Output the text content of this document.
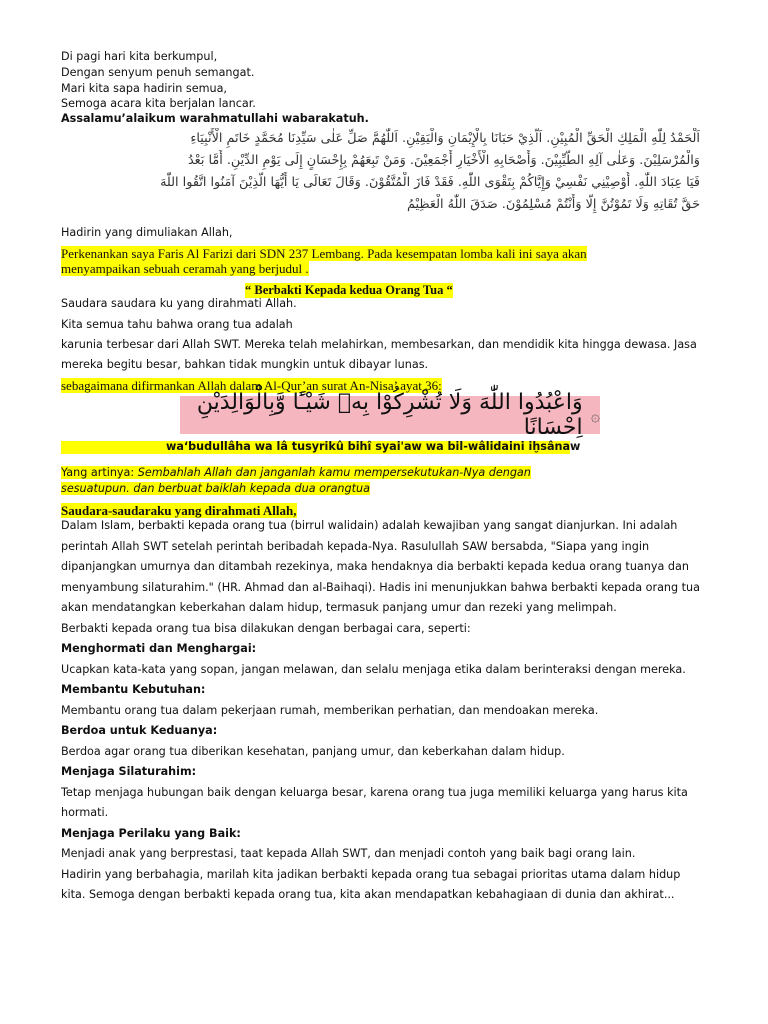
Di pagi hari kita berkumpul,
Dengan senyum penuh semangat.
Mari kita sapa hadirin semua,
Semoga acara kita berjalan lancar.
Assalamu’alaikum warahmatullahi wabarakatuh.
اَلْحَمْدُ لِلّٰهِ الْمَلِكِ الْحَقِّ الْمُبِيْنِ. اَلَّذِيْ حَبَانَا بِالْإِيْمَانِ وَالْيَقِيْنِ. اَللّٰهُمَّ صَلِّ عَلٰى سَيِّدِنَا مُحَمَّدٍ خَاتَمِ الْأَنْبِيَاءِ
وَالْمُرْسَلِيْنَ. وَعَلٰى آلِهِ الطَّيِّبِيْنَ. وَأَصْحَابِهِ الْأَخْيَارِ أَجْمَعِيْنَ. وَمَنْ تَبِعَهُمْ بِإِحْسَانٍ إِلَى يَوْمِ الدِّيْنِ. أَمَّا بَعْدُ
فَيَا عِبَادَ اللّٰهِ. أُوْصِيْنِي نَفْسِيْ وَإِيَّاكُمْ بِتَقْوَى اللّٰهِ. فَقَدْ فَازَ الْمُتَّقُوْنَ. وَقَالَ تَعَالَى يَا أَيُّهَا الَّذِيْنَ آمَنُوا اتَّقُوا اللّٰهَ
حَقَّ تُقَاتِهِ وَلَا تَمُوْتُنَّ إِلَّا وَأَنْتُمْ مُسْلِمُوْنَ. صَدَقَ اللّٰهُ الْعَظِيْمُ
Hadirin yang dimuliakan Allah,
Perkenankan saya Faris Al Farizi dari SDN 237 Lembang. Pada kesempatan lomba kali ini saya akan
menyampaikan sebuah ceramah yang berjudul .
“ Berbakti Kepada kedua Orang Tua “
Saudara saudara ku yang dirahmati Allah.
Kita semua tahu bahwa orang tua adalah
karunia terbesar dari Allah SWT. Mereka telah melahirkan, membesarkan, dan mendidik kita hingga dewasa. Jasa
mereka begitu besar, bahkan tidak mungkin untuk dibayar lunas.
sebagaimana difirmankan Allah dalam Al-Qur’an surat An-Nisa’ ayat 36:
۞
وَاعْبُدُوا اللّٰهَ وَلَا تُشْرِكُوْا بِهٖ شَيْـًٔا وَّبِالْوَالِدَيْنِ اِحْسَانًا
wa‘budullâha wa lâ tusyrikû bihî syai'aw wa bil-wâlidaini iḫsânaw
Yang artinya: Sembahlah Allah dan janganlah kamu mempersekutukan-Nya dengan
sesuatupun. dan berbuat baiklah kepada dua orangtua
Saudara-saudaraku yang dirahmati Allah,
Dalam Islam, berbakti kepada orang tua (birrul walidain) adalah kewajiban yang sangat dianjurkan. Ini adalah
perintah Allah SWT setelah perintah beribadah kepada-Nya. Rasulullah SAW bersabda, "Siapa yang ingin
dipanjangkan umurnya dan ditambah rezekinya, maka hendaknya dia berbakti kepada kedua orang tuanya dan
menyambung silaturahim." (HR. Ahmad dan al-Baihaqi). Hadis ini menunjukkan bahwa berbakti kepada orang tua
akan mendatangkan keberkahan dalam hidup, termasuk panjang umur dan rezeki yang melimpah.
Berbakti kepada orang tua bisa dilakukan dengan berbagai cara, seperti:
Menghormati dan Menghargai:
Ucapkan kata-kata yang sopan, jangan melawan, dan selalu menjaga etika dalam berinteraksi dengan mereka.
Membantu Kebutuhan:
Membantu orang tua dalam pekerjaan rumah, memberikan perhatian, dan mendoakan mereka.
Berdoa untuk Keduanya:
Berdoa agar orang tua diberikan kesehatan, panjang umur, dan keberkahan dalam hidup.
Menjaga Silaturahim:
Tetap menjaga hubungan baik dengan keluarga besar, karena orang tua juga memiliki keluarga yang harus kita
hormati.
Menjaga Perilaku yang Baik:
Menjadi anak yang berprestasi, taat kepada Allah SWT, dan menjadi contoh yang baik bagi orang lain.
Hadirin yang berbahagia, marilah kita jadikan berbakti kepada orang tua sebagai prioritas utama dalam hidup
kita. Semoga dengan berbakti kepada orang tua, kita akan mendapatkan kebahagiaan di dunia dan akhirat...
